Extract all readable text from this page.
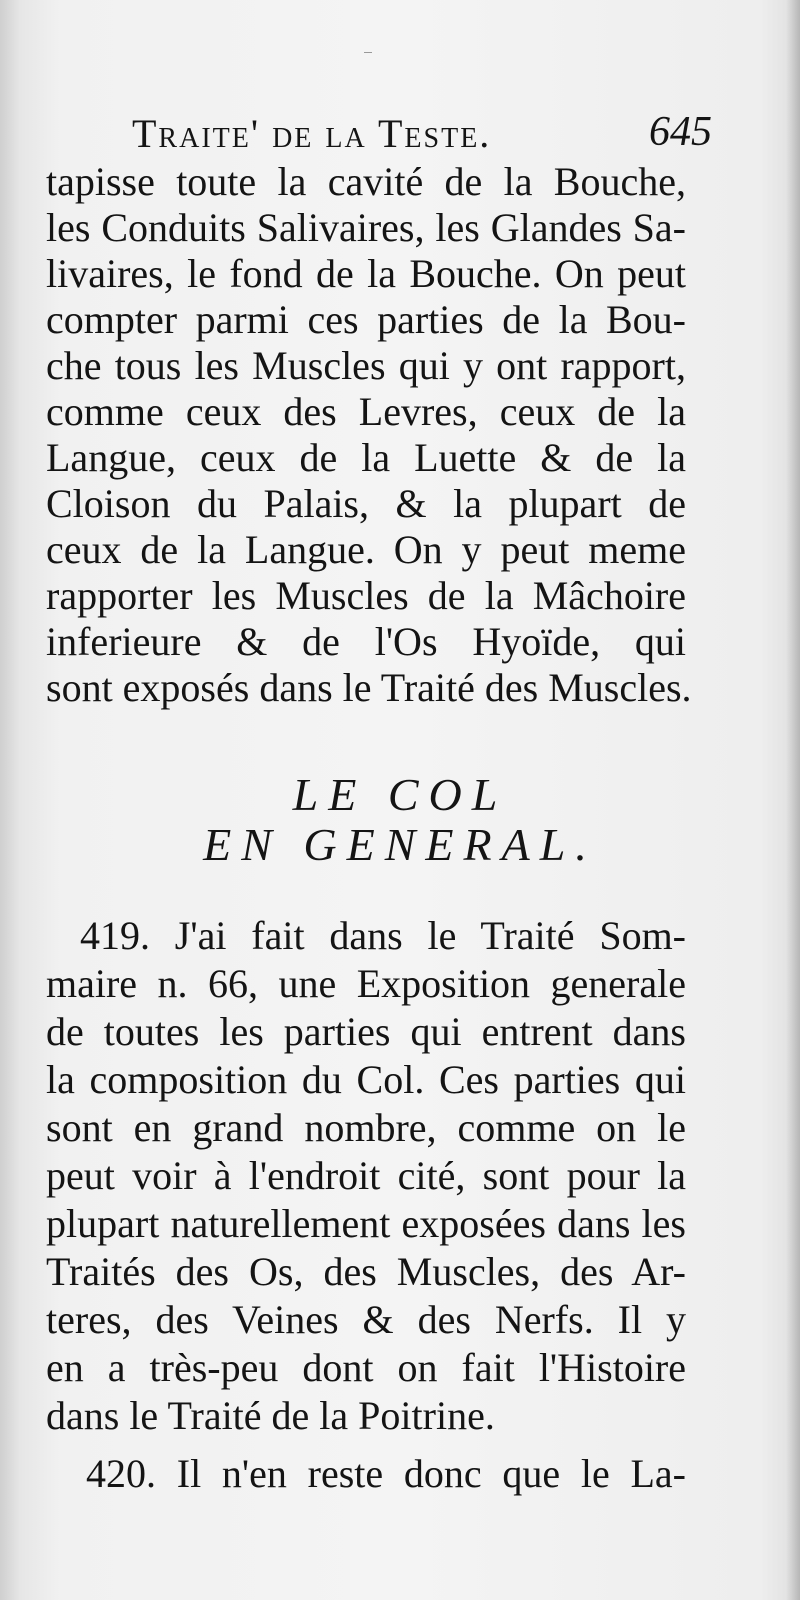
Traite' de la Teste.	645
tapisse toute la cavité de la Bouche,
les Conduits Salivaires, les Glandes Sa-
livaires, le fond de la Bouche. On peut
compter parmi ces parties de la Bou-
che tous les Muscles qui y ont rapport,
comme ceux des Levres, ceux de la
Langue, ceux de la Luette & de la
Cloison du Palais, & la plupart de
ceux de la Langue. On y peut meme
rapporter les Muscles de la Mâchoire
inferieure & de l'Os Hyoïde, qui
sont exposés dans le Traité des Muscles.
LE COL
EN GENERAL.
419. J'ai fait dans le Traité Som-
maire n. 66, une Exposition generale
de toutes les parties qui entrent dans
la composition du Col. Ces parties qui
sont en grand nombre, comme on le
peut voir à l'endroit cité, sont pour la
plupart naturellement exposées dans les
Traités des Os, des Muscles, des Ar-
teres, des Veines & des Nerfs. Il y
en a très-peu dont on fait l'Histoire
dans le Traité de la Poitrine.
420. Il n'en reste donc que le La-
